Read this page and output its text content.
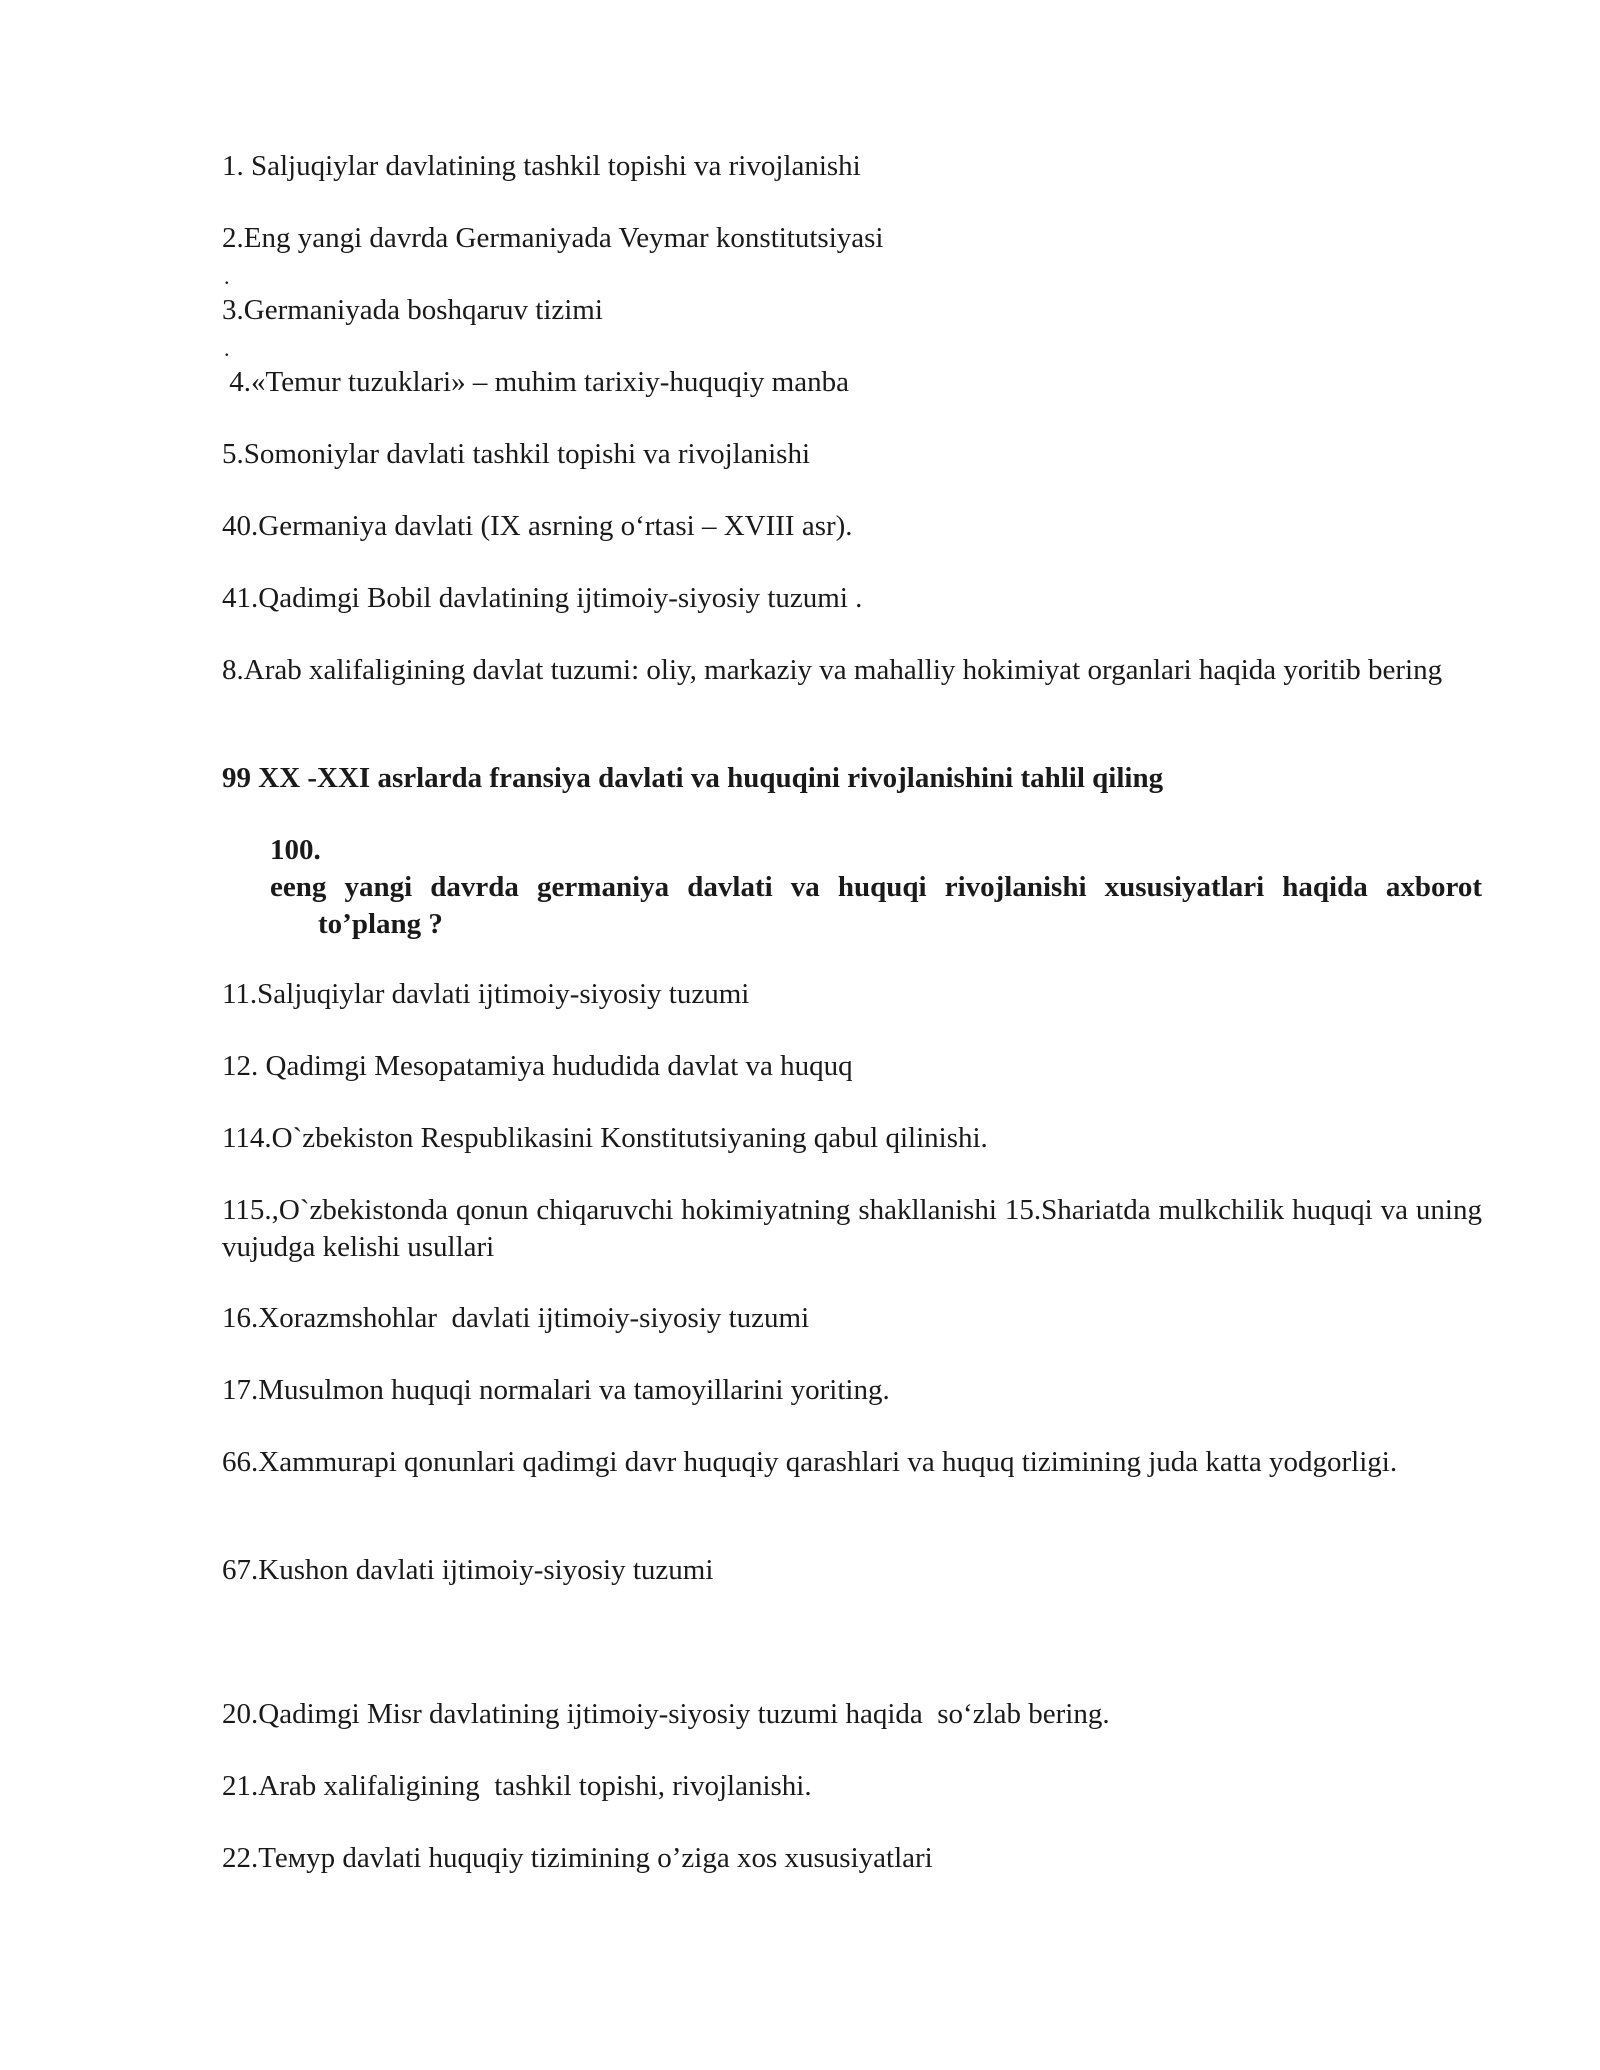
1. Saljuqiylar davlatining tashkil topishi va rivojlanishi

2.Eng yangi davrda Germaniyada Veymar konstitutsiyasi

.

3.Germaniyada boshqaruv tizimi

.

4.«Temur tuzuklari» – muhim tarixiy-huquqiy manba

5.Somoniylar davlati tashkil topishi va rivojlanishi

40.Germaniya davlati (IX asrning o‘rtasi – XVIII asr).

41.Qadimgi Bobil davlatining ijtimoiy-siyosiy tuzumi .

8.Arab xalifaligining davlat tuzumi: oliy, markaziy va mahalliy hokimiyat organlari haqida yoritib bering

99 XX -XXI asrlarda fransiya davlati va huquqini rivojlanishini tahlil qiling

100.
eeng yangi davrda germaniya davlati va huquqi rivojlanishi xususiyatlari haqida axborot to’plang ?

11.Saljuqiylar davlati ijtimoiy-siyosiy tuzumi

12. Qadimgi Mesopatamiya hududida davlat va huquq

114.O`zbekiston Respublikasini Konstitutsiyaning qabul qilinishi.

115.,O`zbekistonda qonun chiqaruvchi hokimiyatning shakllanishi 15.Shariatda mulkchilik huquqi va uning vujudga kelishi usullari

16.Xorazmshohlar  davlati ijtimoiy-siyosiy tuzumi

17.Musulmon huquqi normalari va tamoyillarini yoriting.

66.Xammurapi qonunlari qadimgi davr huquqiy qarashlari va huquq tizimining juda katta yodgorligi.

67.Kushon davlati ijtimoiy-siyosiy tuzumi

20.Qadimgi Misr davlatining ijtimoiy-siyosiy tuzumi haqida  so‘zlab bering.

21.Arab xalifaligining  tashkil topishi, rivojlanishi.

22.Темур davlati huquqiy tizimining o’ziga xos xususiyatlari
